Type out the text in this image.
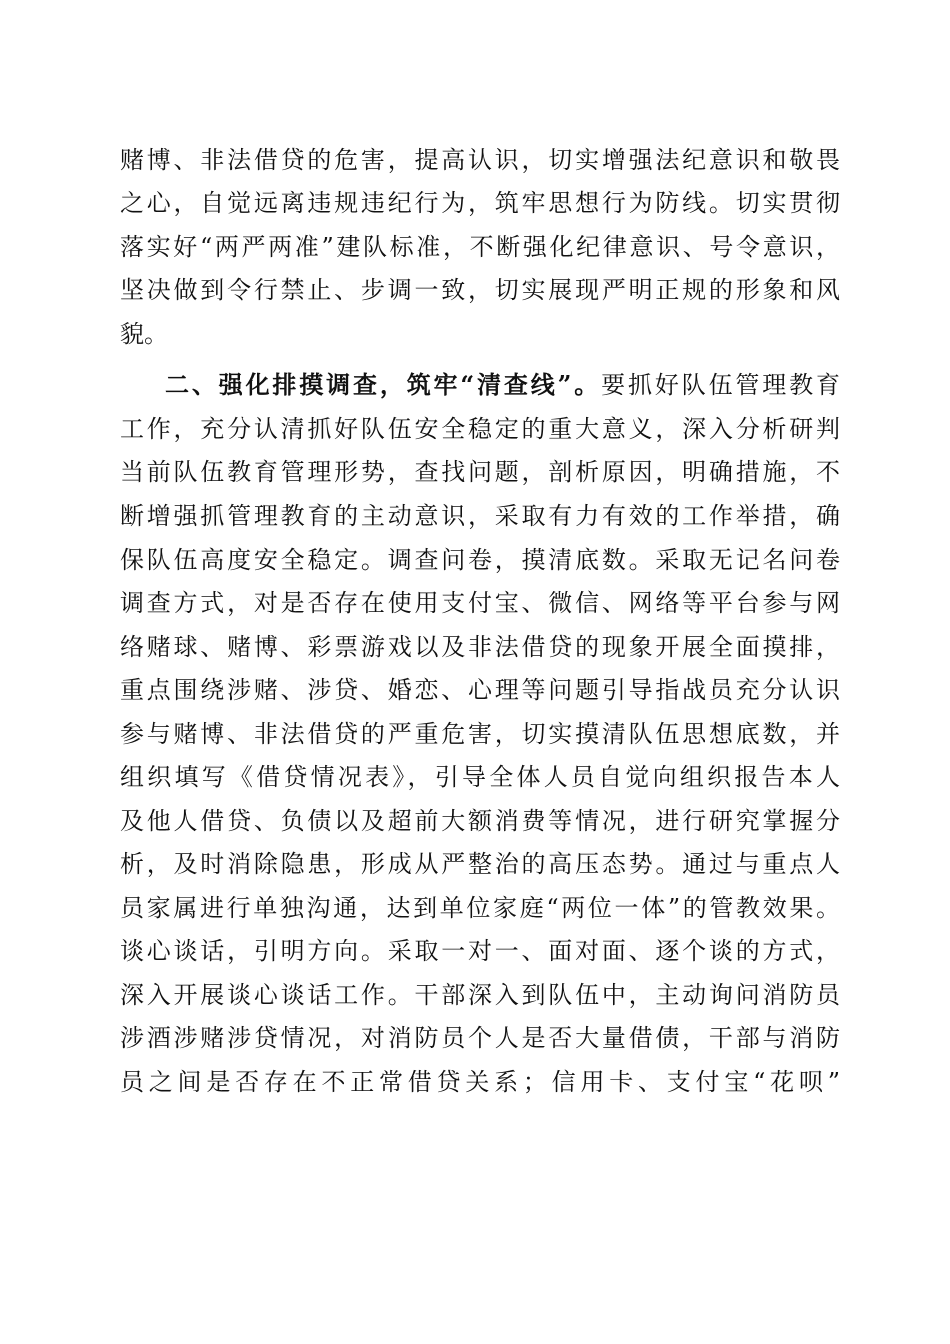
赌博、非法借贷的危害，提高认识，切实增强法纪意识和敬畏
之心，自觉远离违规违纪行为，筑牢思想行为防线。切实贯彻
落实好“两严两准”建队标准，不断强化纪律意识、号令意识，
坚决做到令行禁止、步调一致，切实展现严明正规的形象和风
貌。
二、强化排摸调查，筑牢“清查线”。要抓好队伍管理教育
工作，充分认清抓好队伍安全稳定的重大意义，深入分析研判
当前队伍教育管理形势，查找问题，剖析原因，明确措施，不
断增强抓管理教育的主动意识，采取有力有效的工作举措，确
保队伍高度安全稳定。调查问卷，摸清底数。采取无记名问卷
调查方式，对是否存在使用支付宝、微信、网络等平台参与网
络赌球、赌博、彩票游戏以及非法借贷的现象开展全面摸排，
重点围绕涉赌、涉贷、婚恋、心理等问题引导指战员充分认识
参与赌博、非法借贷的严重危害，切实摸清队伍思想底数，并
组织填写《借贷情况表》，引导全体人员自觉向组织报告本人
及他人借贷、负债以及超前大额消费等情况，进行研究掌握分
析，及时消除隐患，形成从严整治的高压态势。通过与重点人
员家属进行单独沟通，达到单位家庭“两位一体”的管教效果。
谈心谈话，引明方向。采取一对一、面对面、逐个谈的方式，
深入开展谈心谈话工作。干部深入到队伍中，主动询问消防员
涉酒涉赌涉贷情况，对消防员个人是否大量借债，干部与消防
员之间是否存在不正常借贷关系；信用卡、支付宝“花呗”
